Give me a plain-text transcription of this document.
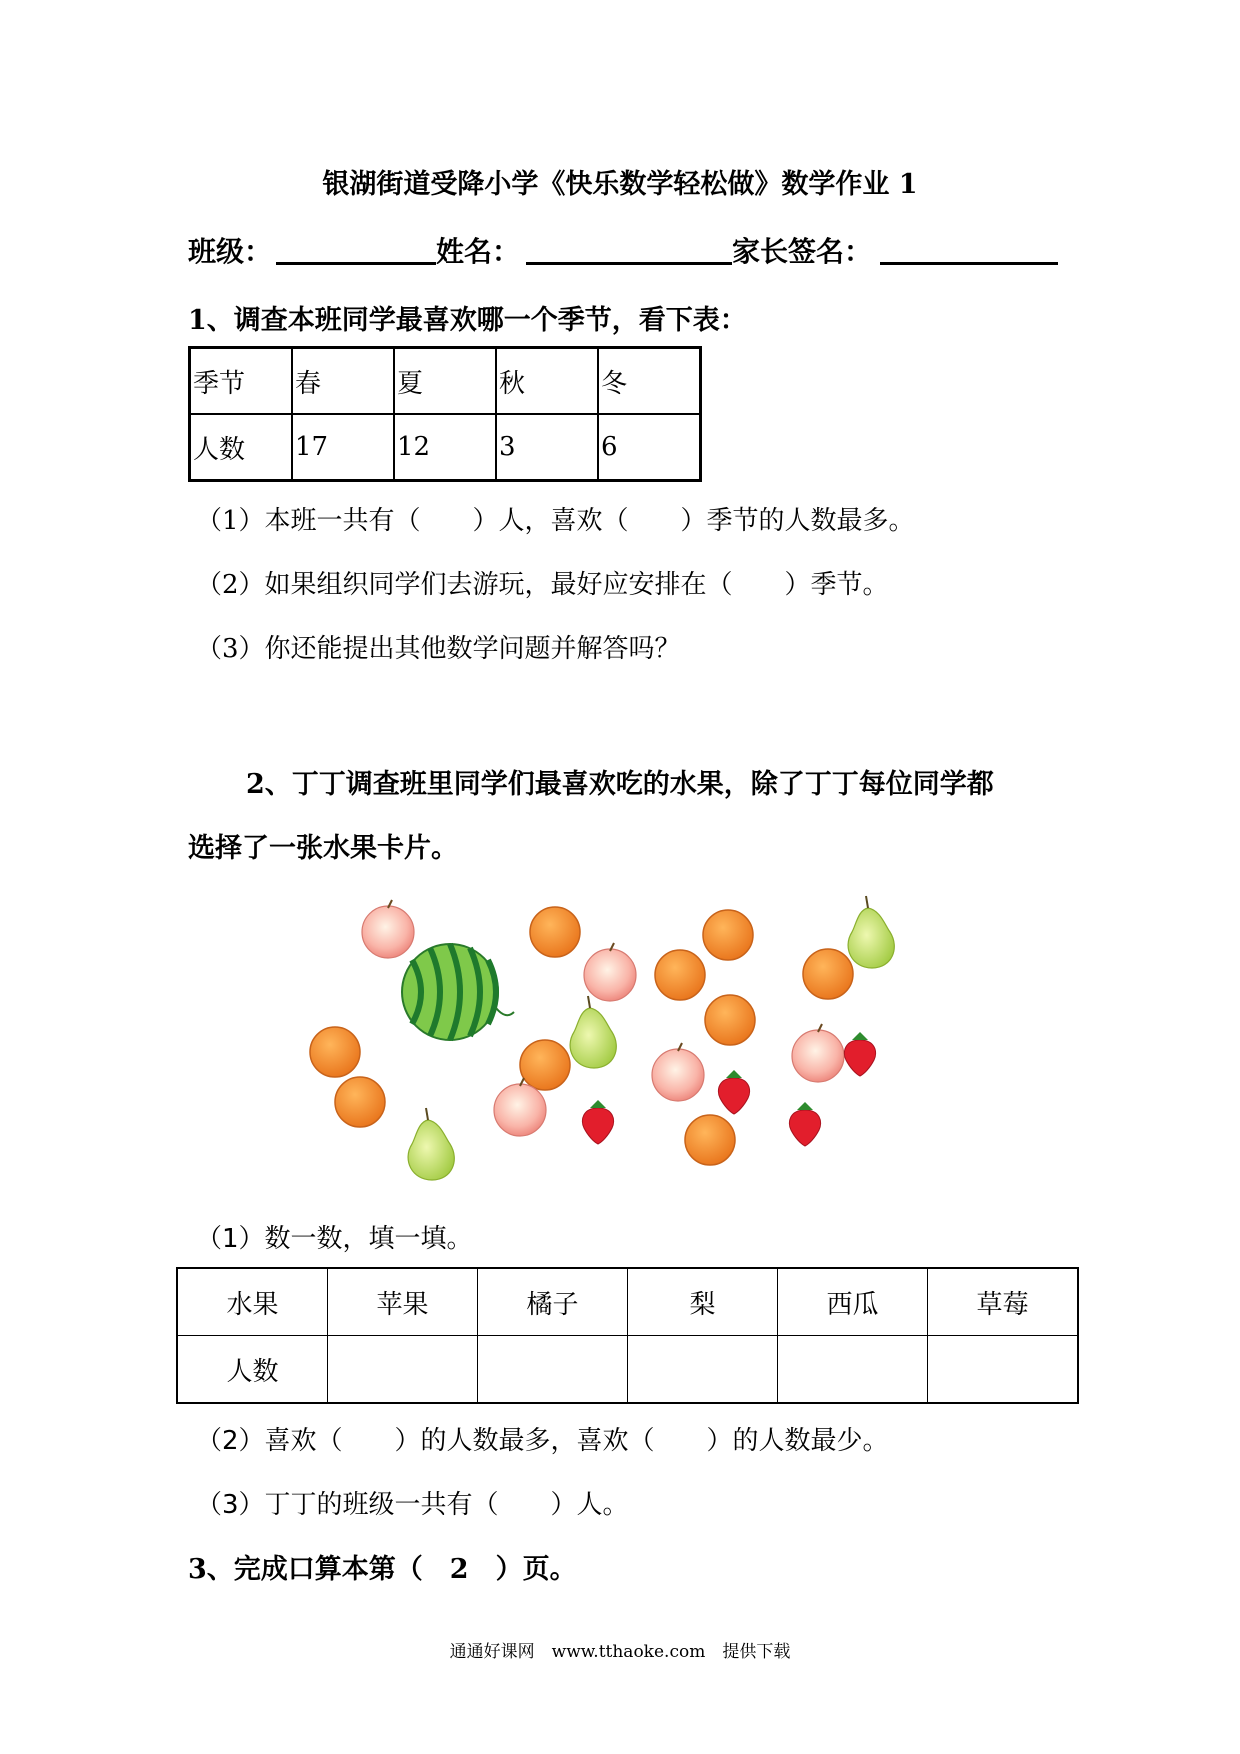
银湖街道受降小学《快乐数学轻松做》数学作业 1
班级：	姓名：	家长签名：
1、调查本班同学最喜欢哪一个季节，看下表：
季节	春	夏	秋	冬
人数	17	12	3	6
（1）本班一共有（　　）人，喜欢（　　）季节的人数最多。
（2）如果组织同学们去游玩，最好应安排在（　　）季节。
（3）你还能提出其他数学问题并解答吗？
2、丁丁调查班里同学们最喜欢吃的水果，除了丁丁每位同学都
选择了一张水果卡片。
（1）数一数，填一填。
水果	苹果	橘子	梨	西瓜	草莓
人数					
（2）喜欢（　　）的人数最多，喜欢（　　）的人数最少。
（3）丁丁的班级一共有（　　）人。
3、完成口算本第（　2　）页。
通通好课网　www.tthaoke.com　提供下载
